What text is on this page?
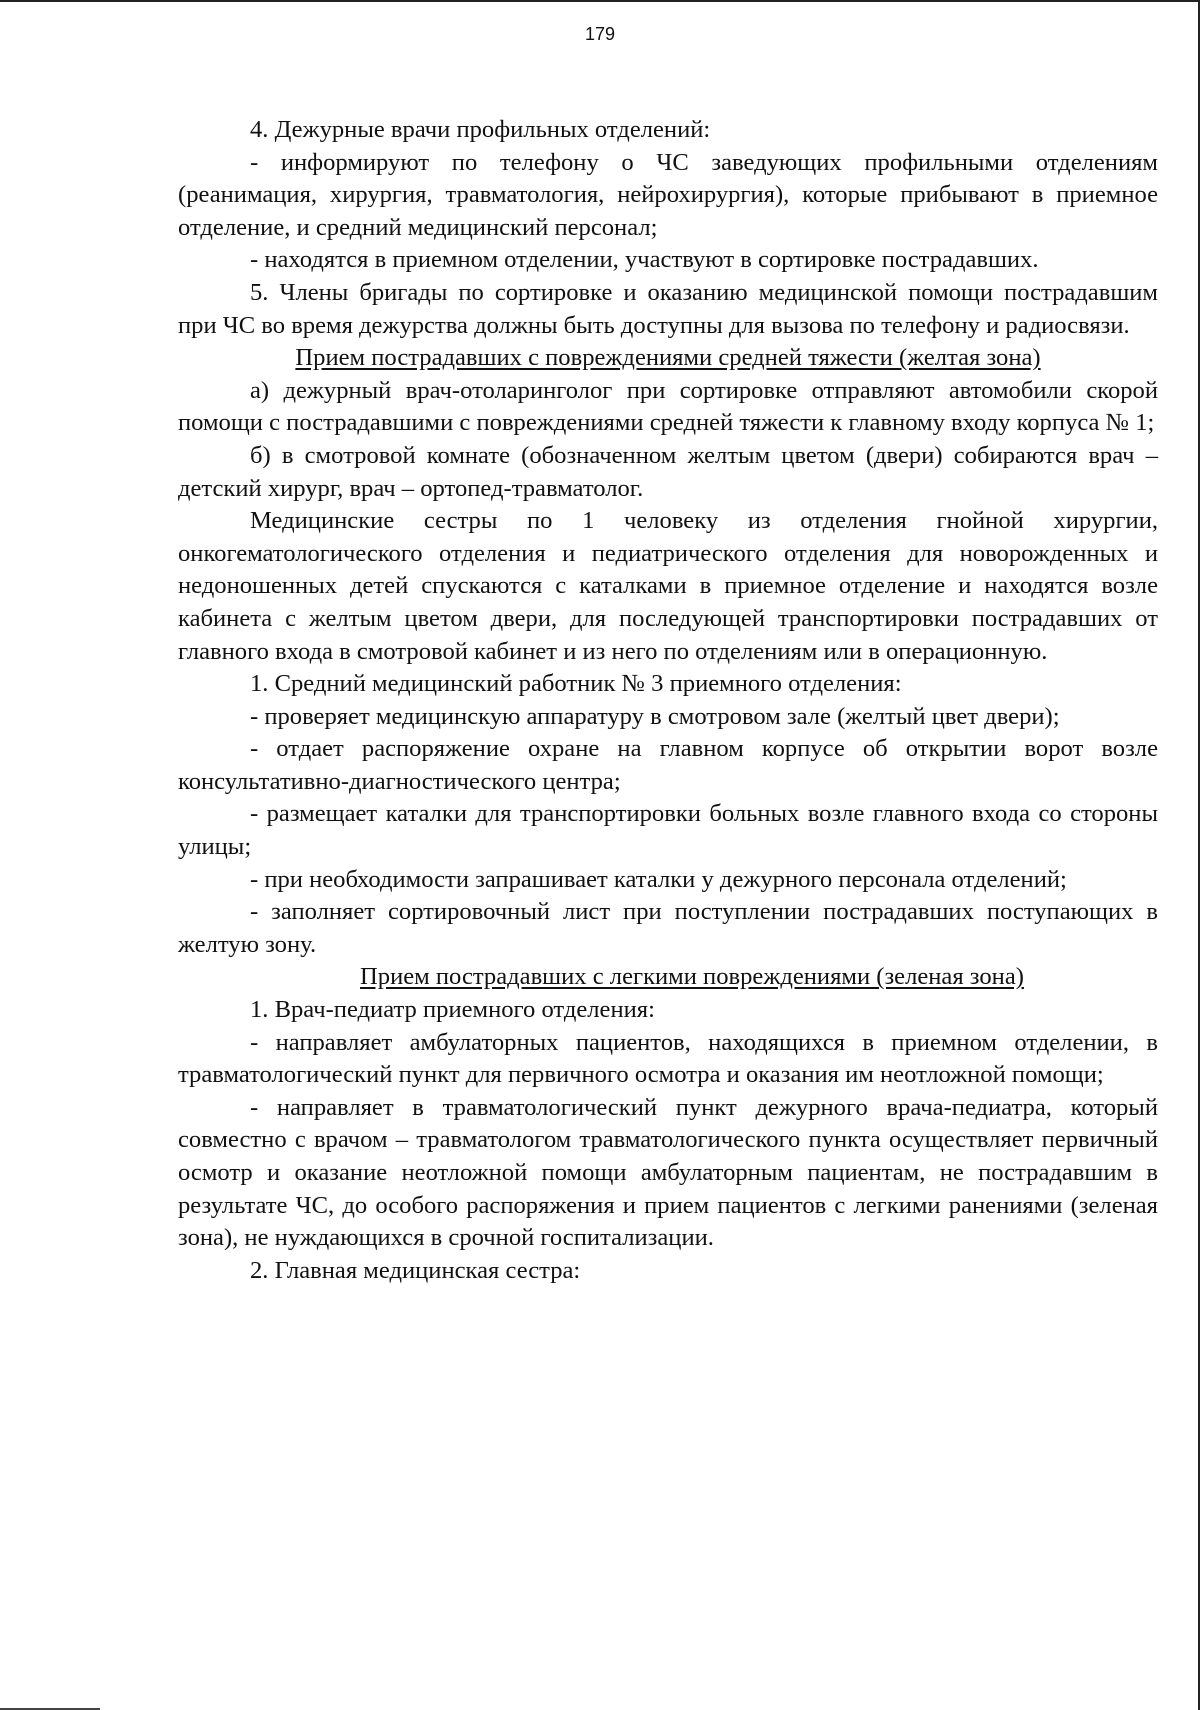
179

4. Дежурные врачи профильных отделений:

- информируют по телефону о ЧС заведующих профильными отделениям (реанимация, хирургия, травматология, нейрохирургия), которые прибывают в приемное отделение, и средний медицинский персонал;

- находятся в приемном отделении, участвуют в сортировке пострадавших.

5. Члены бригады по сортировке и оказанию медицинской помощи пострадавшим при ЧС во время дежурства должны быть доступны для вызова по телефону и радиосвязи.

Прием пострадавших с повреждениями средней тяжести (желтая зона)

а) дежурный врач-отоларинголог при сортировке отправляют автомобили скорой помощи с пострадавшими с повреждениями средней тяжести к главному входу корпуса № 1;

б) в смотровой комнате (обозначенном желтым цветом (двери) собираются врач – детский хирург, врач – ортопед-травматолог.

Медицинские сестры по 1 человеку из отделения гнойной хирургии, онкогематологического отделения и педиатрического отделения для новорожденных и недоношенных детей спускаются с каталками в приемное отделение и находятся возле кабинета с желтым цветом двери, для последующей транспортировки пострадавших от главного входа в смотровой кабинет и из него по отделениям или в операционную.

1. Средний медицинский работник № 3 приемного отделения:

- проверяет медицинскую аппаратуру в смотровом зале (желтый цвет двери);

- отдает распоряжение охране на главном корпусе об открытии ворот возле консультативно-диагностического центра;

- размещает каталки для транспортировки больных возле главного входа со стороны улицы;

- при необходимости запрашивает каталки у дежурного персонала отделений;

- заполняет сортировочный лист при поступлении пострадавших поступающих в желтую зону.

Прием пострадавших с легкими повреждениями (зеленая зона)

1. Врач-педиатр приемного отделения:

- направляет амбулаторных пациентов, находящихся в приемном отделении, в травматологический пункт для первичного осмотра и оказания им неотложной помощи;

- направляет в травматологический пункт дежурного врача-педиатра, который совместно с врачом – травматологом травматологического пункта осуществляет первичный осмотр и оказание неотложной помощи амбулаторным пациентам, не пострадавшим в результате ЧС, до особого распоряжения и прием пациентов с легкими ранениями (зеленая зона), не нуждающихся в срочной госпитализации.

2. Главная медицинская сестра:
